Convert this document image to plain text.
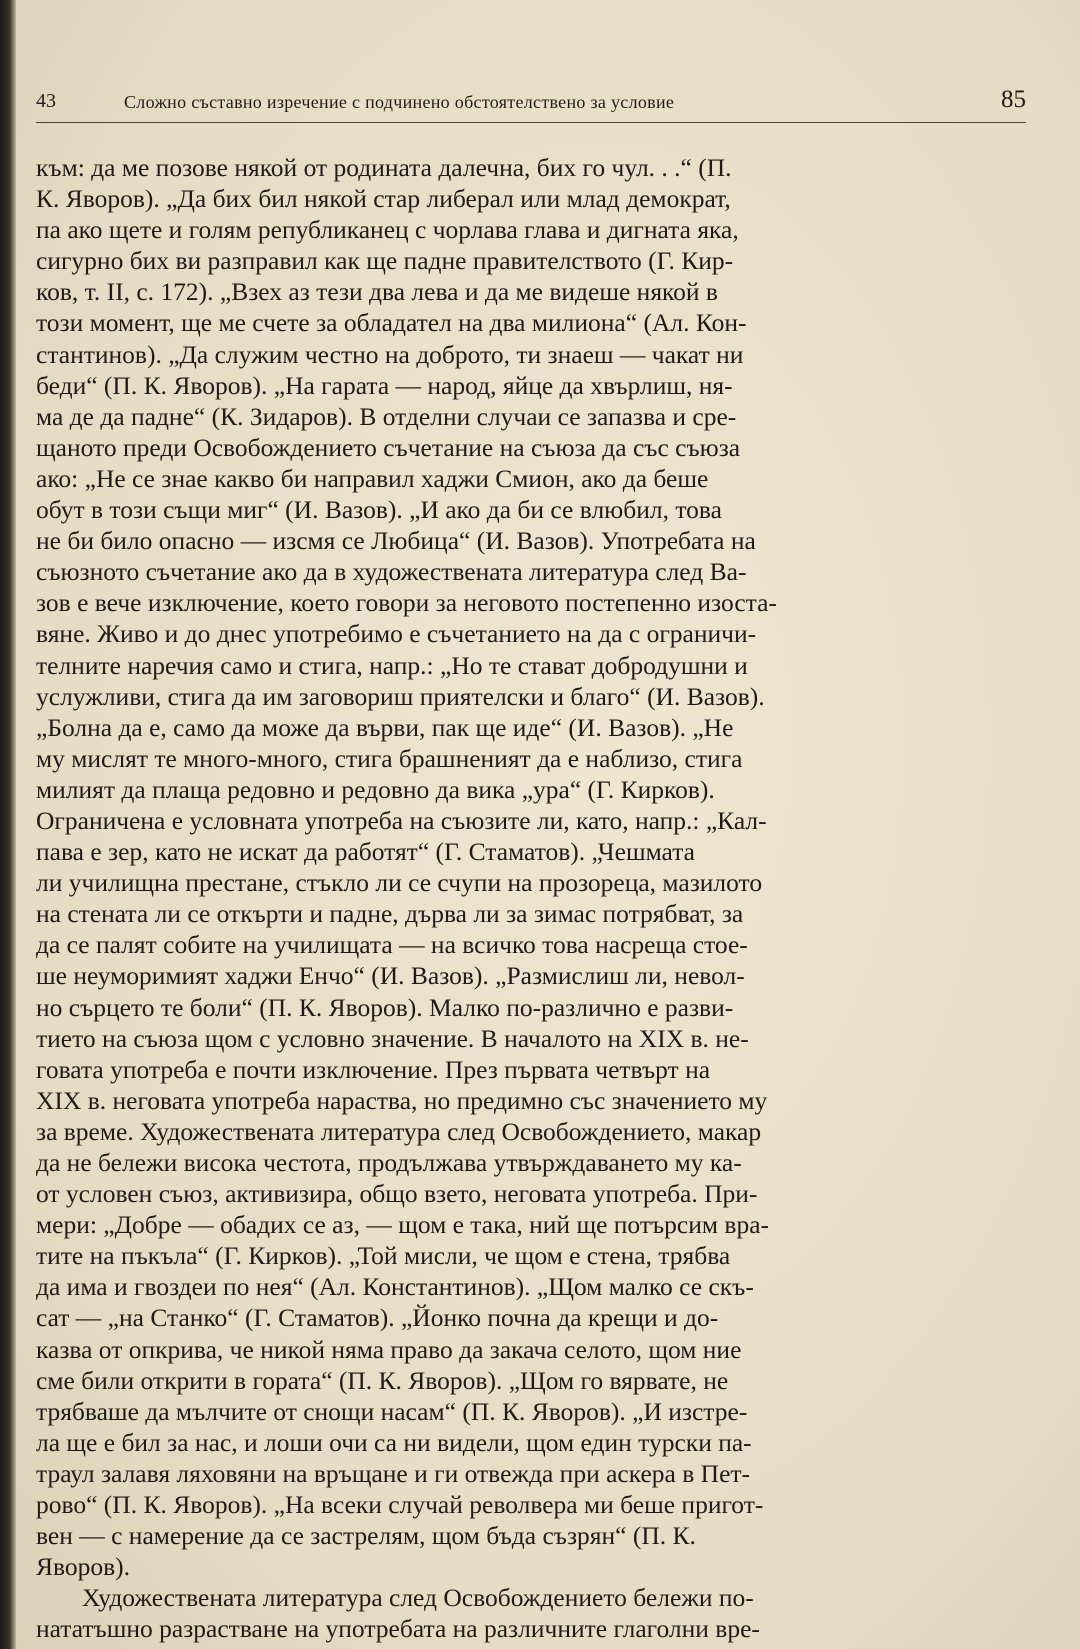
43	Сложно съставно изречение с подчинено обстоятелствено за условие	85
към: да ме позове някой от родината далечна, бих го чул. . .“ (П.
К. Яворов). „Да бих бил някой стар либерал или млад демократ,
па ако щете и голям републиканец с чорлава глава и дигната яка,
сигурно бих ви разправил как ще падне правителството (Г. Кир-
ков, т. II, с. 172). „Взех аз тези два лева и да ме видеше някой в
този момент, ще ме счете за обладател на два милиона“ (Ал. Кон-
стантинов). „Да служим честно на доброто, ти знаеш — чакат ни
беди“ (П. К. Яворов). „На гарата — народ, яйце да хвърлиш, ня-
ма де да падне“ (К. Зидаров). В отделни случаи се запазва и сре-
щаното преди Освобождението съчетание на съюза да със съюза
ако: „Не се знае какво би направил хаджи Смион, ако да беше
обут в този същи миг“ (И. Вазов). „И ако да би се влюбил, това
не би било опасно — изсмя се Любица“ (И. Вазов). Употребата на
съюзното съчетание ако да в художествената литература след Ва-
зов е вече изключение, което говори за неговото постепенно изоста-
вяне. Живо и до днес употребимо е съчетанието на да с ограничи-
телните наречия само и стига, напр.: „Но те стават добродушни и
услужливи, стига да им заговориш приятелски и благо“ (И. Вазов).
„Болна да е, само да може да върви, пак ще иде“ (И. Вазов). „Не
му мислят те много-много, стига брашненият да е наблизо, стига
милият да плаща редовно и редовно да вика „ура“ (Г. Кирков).
Ограничена е условната употреба на съюзите ли, като, напр.: „Кал-
пава е зер, като не искат да работят“ (Г. Стаматов). „Чешмата
ли училищна престане, стъкло ли се счупи на прозореца, мазилото
на стената ли се откърти и падне, дърва ли за зимас потрябват, за
да се палят собите на училищата — на всичко това насреща стое-
ше неуморимият хаджи Енчо“ (И. Вазов). „Размислиш ли, невол-
но сърцето те боли“ (П. К. Яворов). Малко по-различно е разви-
тието на съюза щом с условно значение. В началото на XIX в. не-
говата употреба е почти изключение. През първата четвърт на
XIX в. неговата употреба нараства, но предимно със значението му
за време. Художествената литература след Освобождението, макар
да не бележи висока честота, продължава утвърждаването му ка-
от условен съюз, активизира, общо взето, неговата употреба. При-
мери: „Добре — обадих се аз, — щом е така, ний ще потърсим вра-
тите на пъкъла“ (Г. Кирков). „Той мисли, че щом е стена, трябва
да има и гвоздеи по нея“ (Ал. Константинов). „Щом малко се скъ-
сат — „на Станко“ (Г. Стаматов). „Йонко почна да крещи и до-
казва от опкрива, че никой няма право да закача селото, щом ние
сме били открити в гората“ (П. К. Яворов). „Щом го вярвате, не
трябваше да мълчите от снощи насам“ (П. К. Яворов). „И изстре-
ла ще е бил за нас, и лоши очи са ни видели, щом един турски па-
траул залавя ляховяни на връщане и ги отвежда при аскера в Пет-
рово“ (П. К. Яворов). „На всеки случай револвера ми беше пригот-
вен — с намерение да се застрелям, щом бъда съзрян“ (П. К.
Яворов).
Художествената литература след Освобождението бележи по-
нататъшно разрастване на употребата на различните глаголни вре-
